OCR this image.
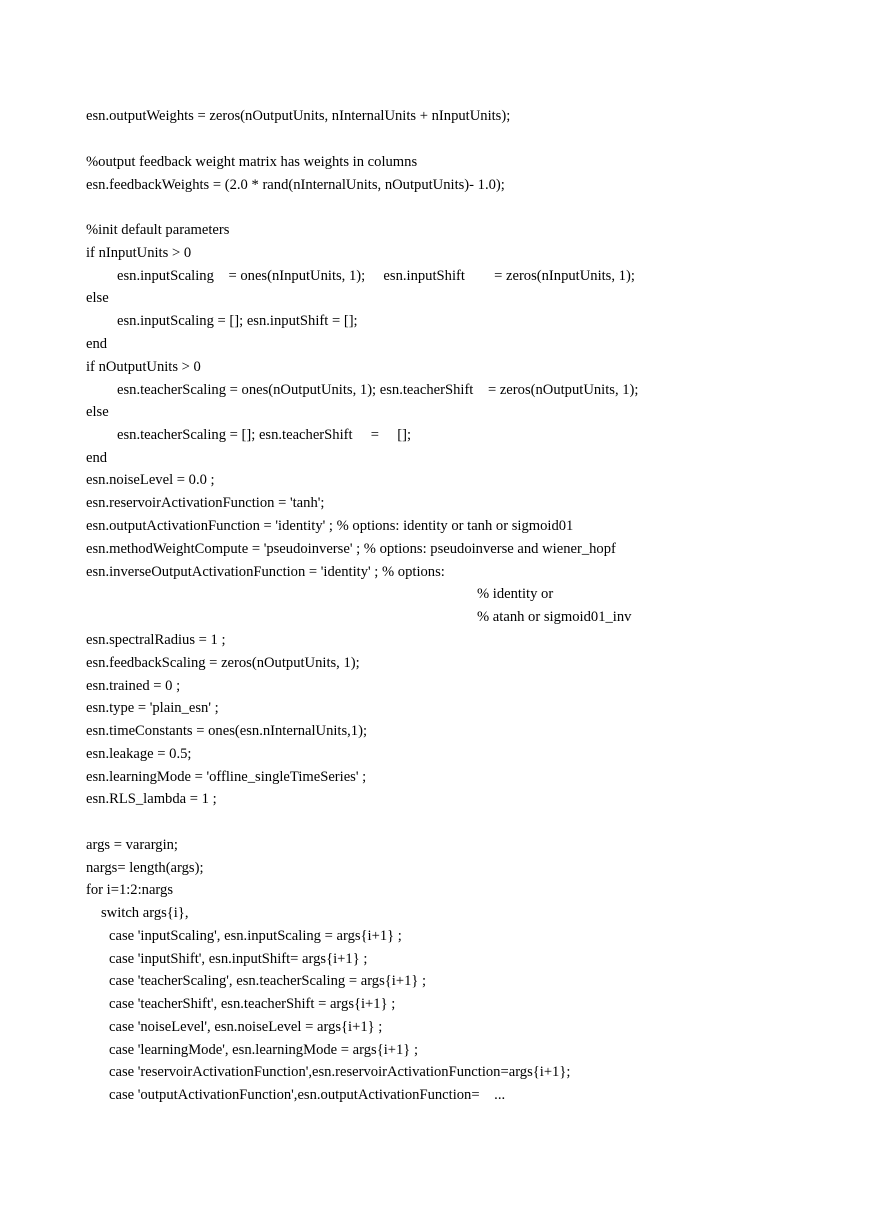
esn.outputWeights = zeros(nOutputUnits, nInternalUnits + nInputUnits);
%output feedback weight matrix has weights in columns
esn.feedbackWeights = (2.0 * rand(nInternalUnits, nOutputUnits)- 1.0);
%init default parameters
if nInputUnits > 0
esn.inputScaling    = ones(nInputUnits, 1);     esn.inputShift        = zeros(nInputUnits, 1);
else
esn.inputScaling = []; esn.inputShift = [];
end
if nOutputUnits > 0
esn.teacherScaling = ones(nOutputUnits, 1); esn.teacherShift    = zeros(nOutputUnits, 1);
else
esn.teacherScaling = []; esn.teacherShift     =     [];
end
esn.noiseLevel = 0.0 ;
esn.reservoirActivationFunction = 'tanh';
esn.outputActivationFunction = 'identity' ; % options: identity or tanh or sigmoid01
esn.methodWeightCompute = 'pseudoinverse' ; % options: pseudoinverse and wiener_hopf
esn.inverseOutputActivationFunction = 'identity' ; % options:
% identity or
% atanh or sigmoid01_inv
esn.spectralRadius = 1 ;
esn.feedbackScaling = zeros(nOutputUnits, 1);
esn.trained = 0 ;
esn.type = 'plain_esn' ;
esn.timeConstants = ones(esn.nInternalUnits,1);
esn.leakage = 0.5;
esn.learningMode = 'offline_singleTimeSeries' ;
esn.RLS_lambda = 1 ;
args = varargin;
nargs= length(args);
for i=1:2:nargs
switch args{i},
case 'inputScaling', esn.inputScaling = args{i+1} ;
case 'inputShift', esn.inputShift= args{i+1} ;
case 'teacherScaling', esn.teacherScaling = args{i+1} ;
case 'teacherShift', esn.teacherShift = args{i+1} ;
case 'noiseLevel', esn.noiseLevel = args{i+1} ;
case 'learningMode', esn.learningMode = args{i+1} ;
case 'reservoirActivationFunction',esn.reservoirActivationFunction=args{i+1};
case 'outputActivationFunction',esn.outputActivationFunction=    ...
